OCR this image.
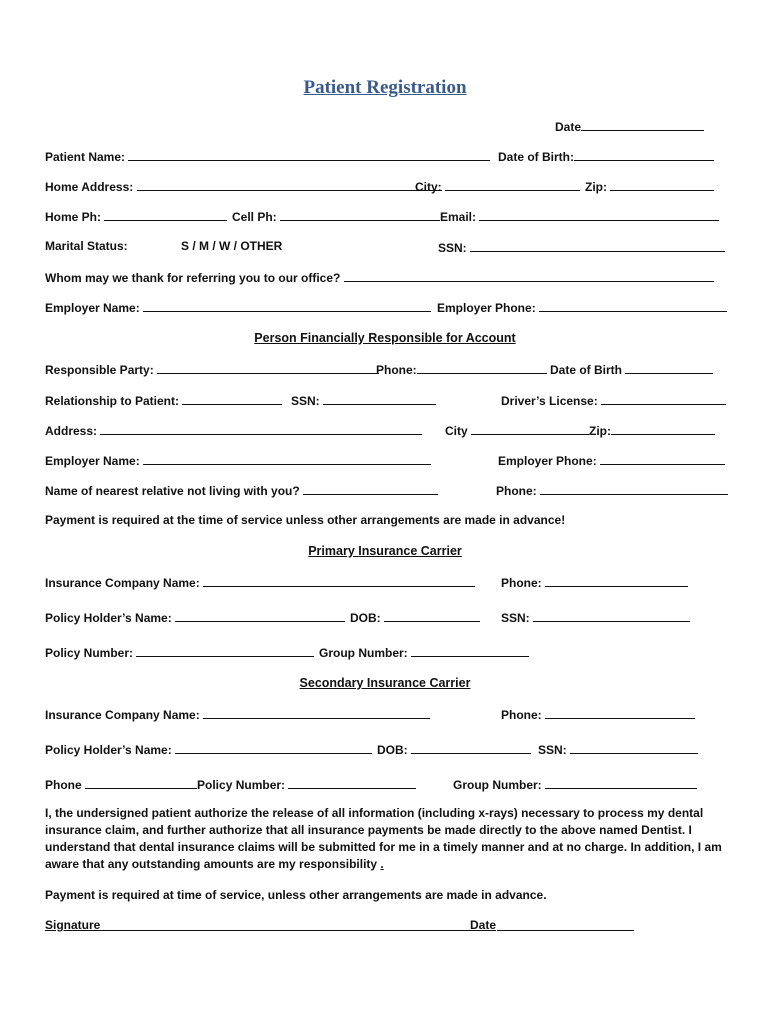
Patient Registration
Date
Patient Name:	Date of Birth:
Home Address:	City:	Zip:
Home Ph:	Cell Ph:	Email:
Marital Status:	S / M / W / OTHER	SSN:
Whom may we thank for referring you to our office?
Employer Name:	Employer Phone:
Person Financially Responsible for Account
Responsible Party:	Phone:	Date of Birth
Relationship to Patient:	SSN:	Driver’s License:
Address:	City	Zip:
Employer Name:	Employer Phone:
Name of nearest relative not living with you?	Phone:
Payment is required at the time of service unless other arrangements are made in advance!
Primary Insurance Carrier
Insurance Company Name:	Phone:
Policy Holder’s Name:	DOB:	SSN:
Policy Number:	Group Number:
Secondary Insurance Carrier
Insurance Company Name:	Phone:
Policy Holder’s Name:	DOB:	SSN:
Phone	Policy Number:	Group Number:
I, the undersigned patient authorize the release of all information (including x-rays) necessary to process my dental insurance claim, and further authorize that all insurance payments be made directly to the above named Dentist. I understand that dental insurance claims will be submitted for me in a timely manner and at no charge. In addition, I am aware that any outstanding amounts are my responsibility .
Payment is required at time of service, unless other arrangements are made in advance.
Signature	Date
